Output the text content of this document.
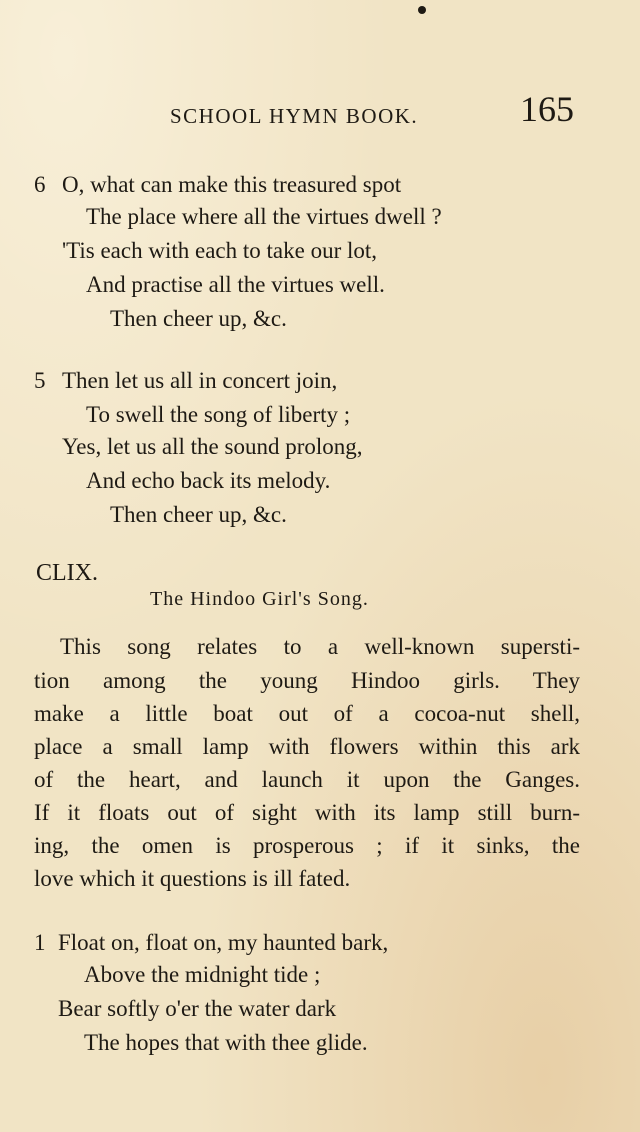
SCHOOL HYMN BOOK.	165
6 O, what can make this treasured spot
The place where all the virtues dwell ?
'Tis each with each to take our lot,
And practise all the virtues well.
Then cheer up, &c.
5 Then let us all in concert join,
To swell the song of liberty ;
Yes, let us all the sound prolong,
And echo back its melody.
Then cheer up, &c.
CLIX.
The Hindoo Girl's Song.
This song relates to a well-known supersti-
tion among the young Hindoo girls. They
make a little boat out of a cocoa-nut shell,
place a small lamp with flowers within this ark
of the heart, and launch it upon the Ganges.
If it floats out of sight with its lamp still burn-
ing, the omen is prosperous ; if it sinks, the
love which it questions is ill fated.
1 Float on, float on, my haunted bark,
Above the midnight tide ;
Bear softly o'er the water dark
The hopes that with thee glide.
